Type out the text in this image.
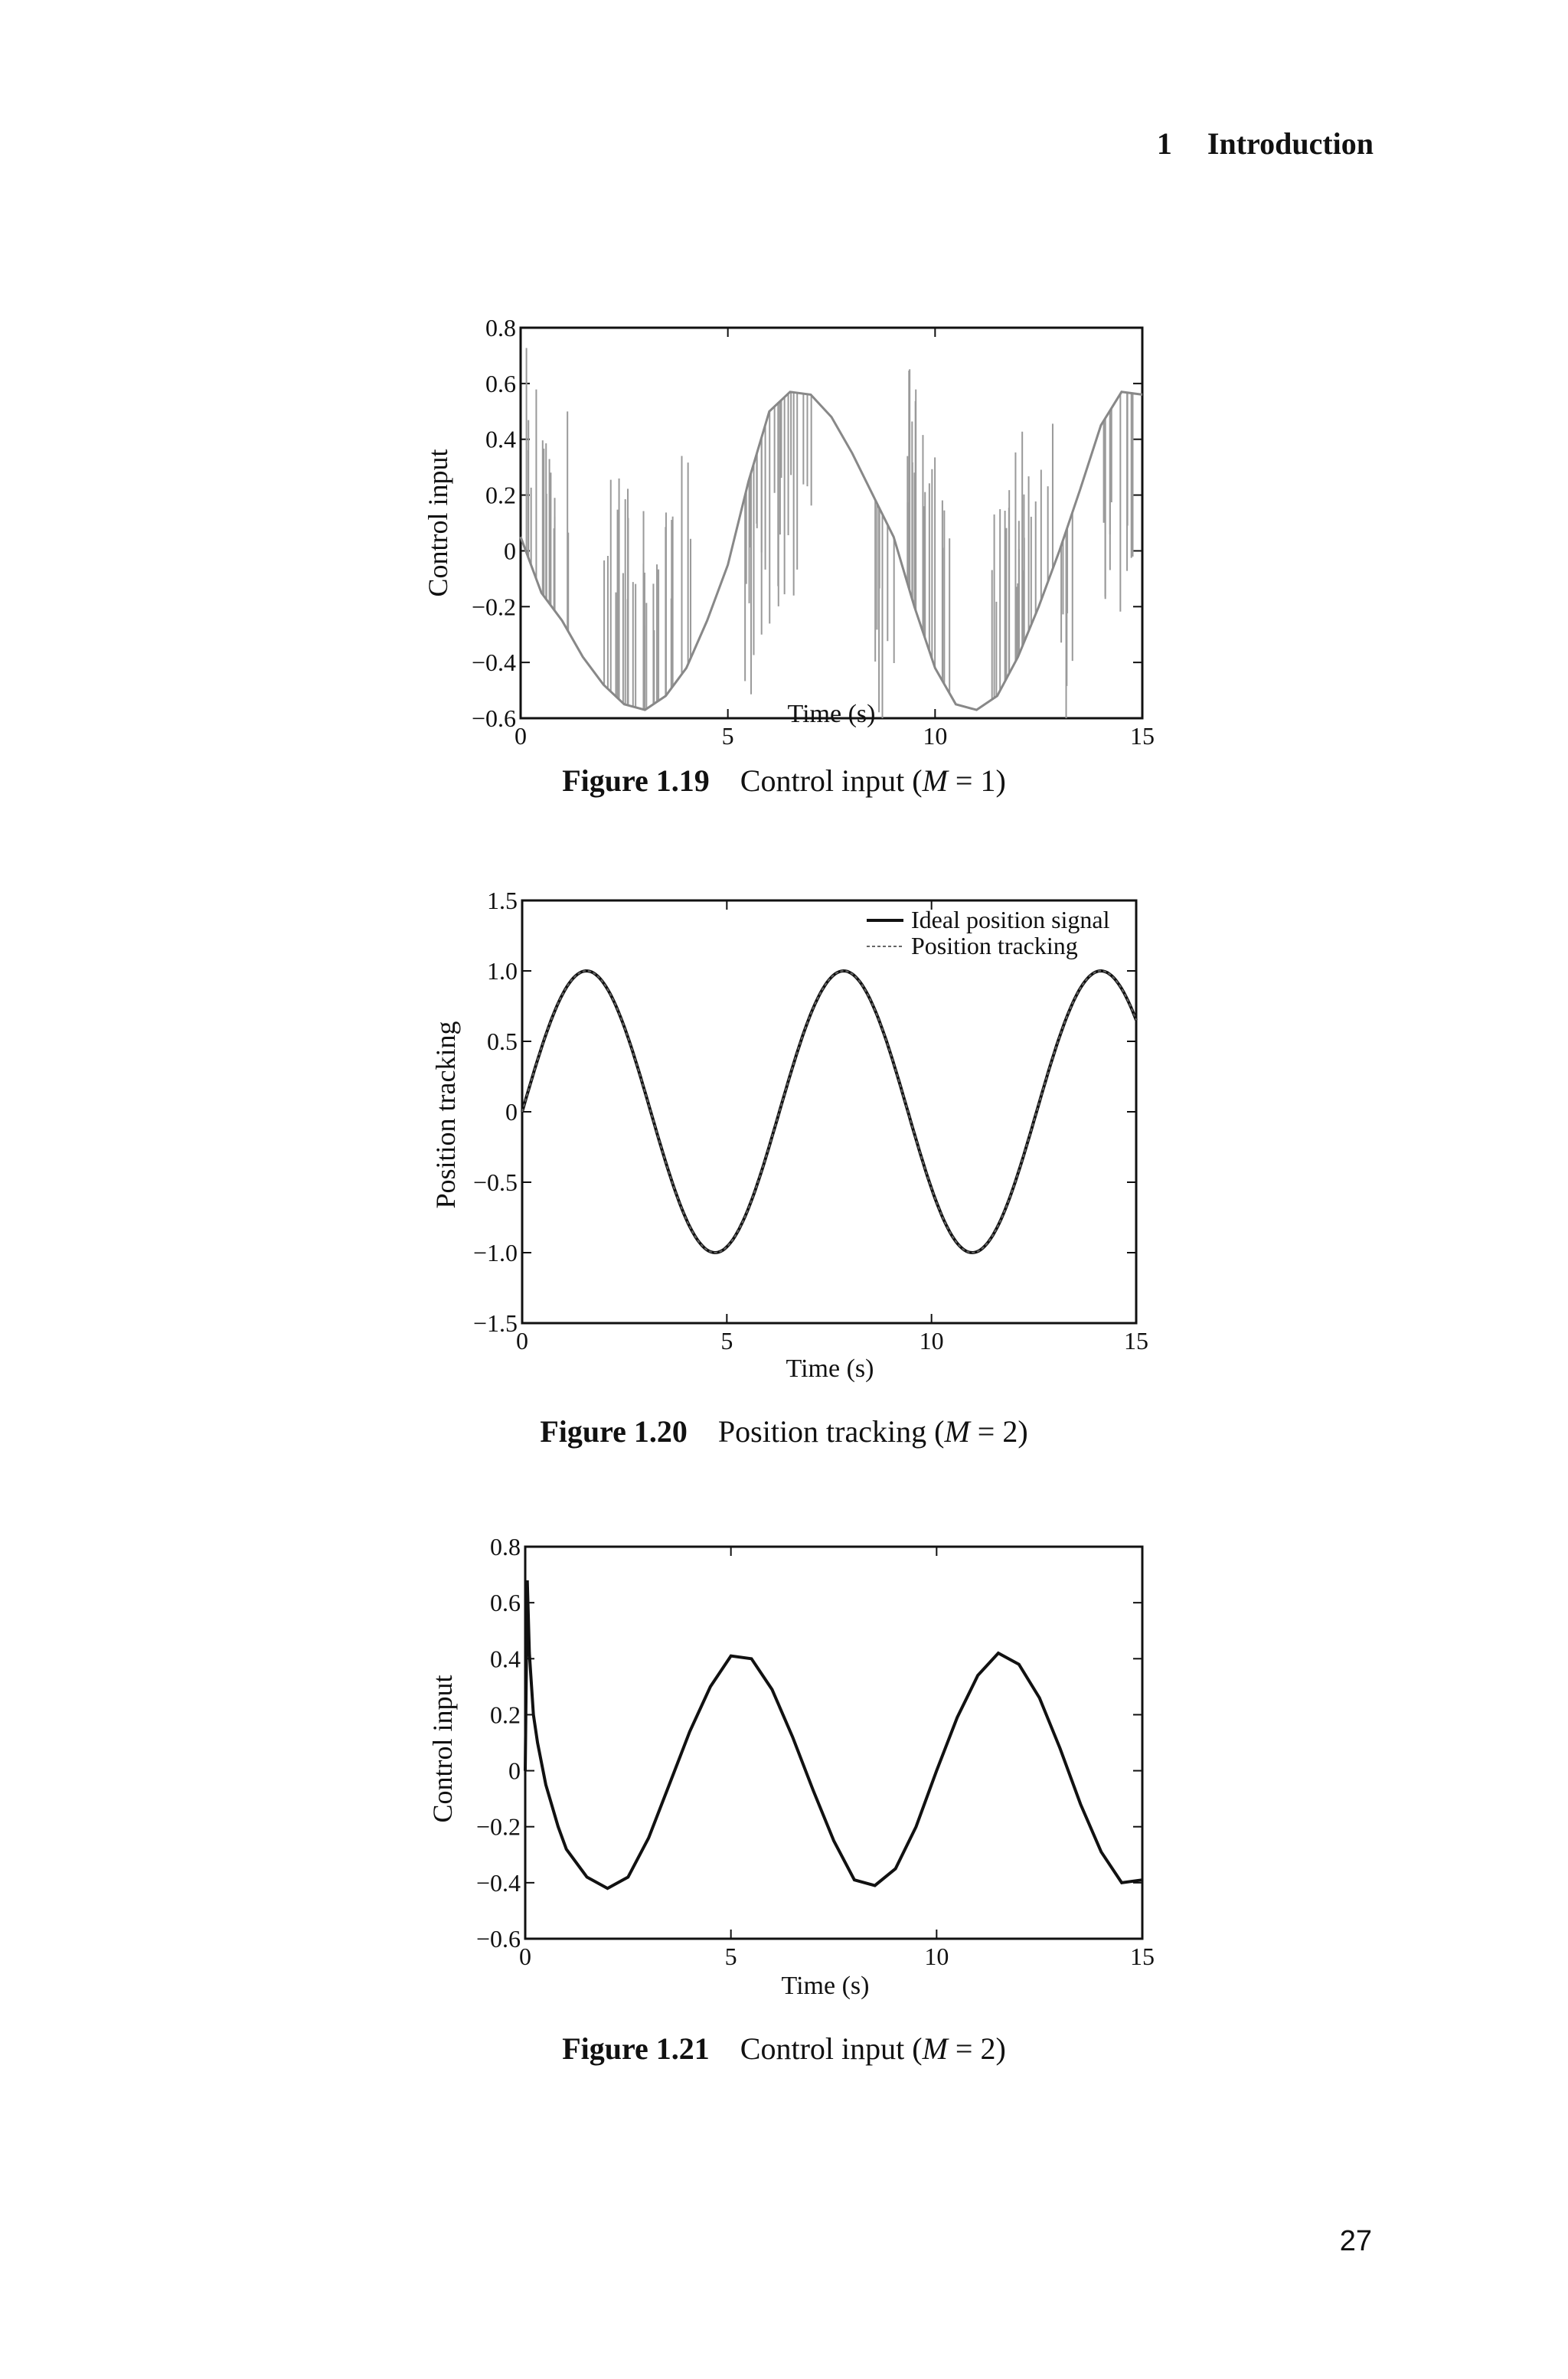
1 Introduction
0.8
0.6
0.4
0.2
0
−0.2
−0.4
−0.6
0	5	10	15
Control input
Time (s)
Figure 1.19 Control input (M = 1)
1.5
1.0
0.5
0
−0.5
−1.0
−1.5
0	5	10	15
Ideal position signal
Position tracking
Position tracking
Time (s)
Figure 1.20 Position tracking (M = 2)
0.8
0.6
0.4
0.2
0
−0.2
−0.4
−0.6
0	5	10	15
Control input
Time (s)
Figure 1.21 Control input (M = 2)
27
